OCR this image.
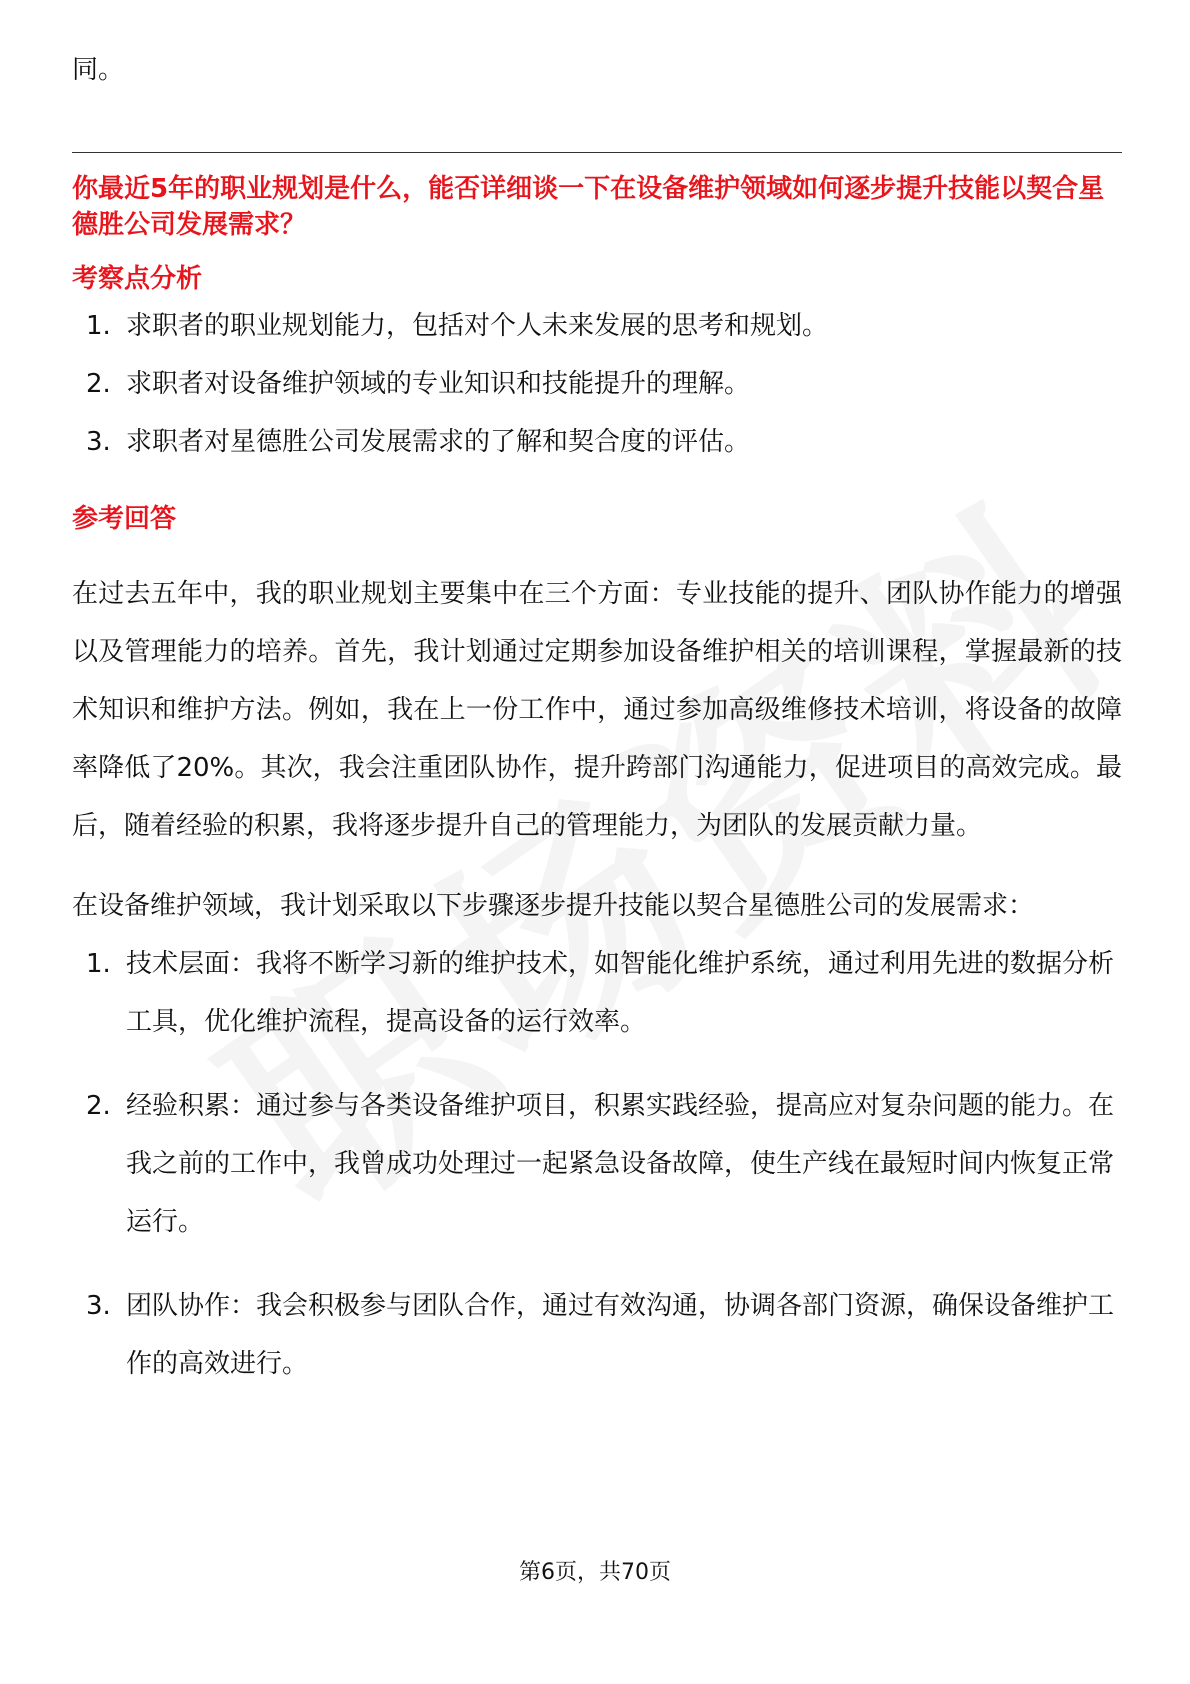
同。

你最近5年的职业规划是什么，能否详细谈一下在设备维护领域如何逐步提升技能以契合星德胜公司发展需求？

考察点分析

1. 求职者的职业规划能力，包括对个人未来发展的思考和规划。
2. 求职者对设备维护领域的专业知识和技能提升的理解。
3. 求职者对星德胜公司发展需求的了解和契合度的评估。

参考回答

在过去五年中，我的职业规划主要集中在三个方面：专业技能的提升、团队协作能力的增强以及管理能力的培养。首先，我计划通过定期参加设备维护相关的培训课程，掌握最新的技术知识和维护方法。例如，我在上一份工作中，通过参加高级维修技术培训，将设备的故障率降低了20%。其次，我会注重团队协作，提升跨部门沟通能力，促进项目的高效完成。最后，随着经验的积累，我将逐步提升自己的管理能力，为团队的发展贡献力量。

在设备维护领域，我计划采取以下步骤逐步提升技能以契合星德胜公司的发展需求：

1. 技术层面：我将不断学习新的维护技术，如智能化维护系统，通过利用先进的数据分析工具，优化维护流程，提高设备的运行效率。
2. 经验积累：通过参与各类设备维护项目，积累实践经验，提高应对复杂问题的能力。在我之前的工作中，我曾成功处理过一起紧急设备故障，使生产线在最短时间内恢复正常运行。
3. 团队协作：我会积极参与团队合作，通过有效沟通，协调各部门资源，确保设备维护工作的高效进行。
第6页，共70页
